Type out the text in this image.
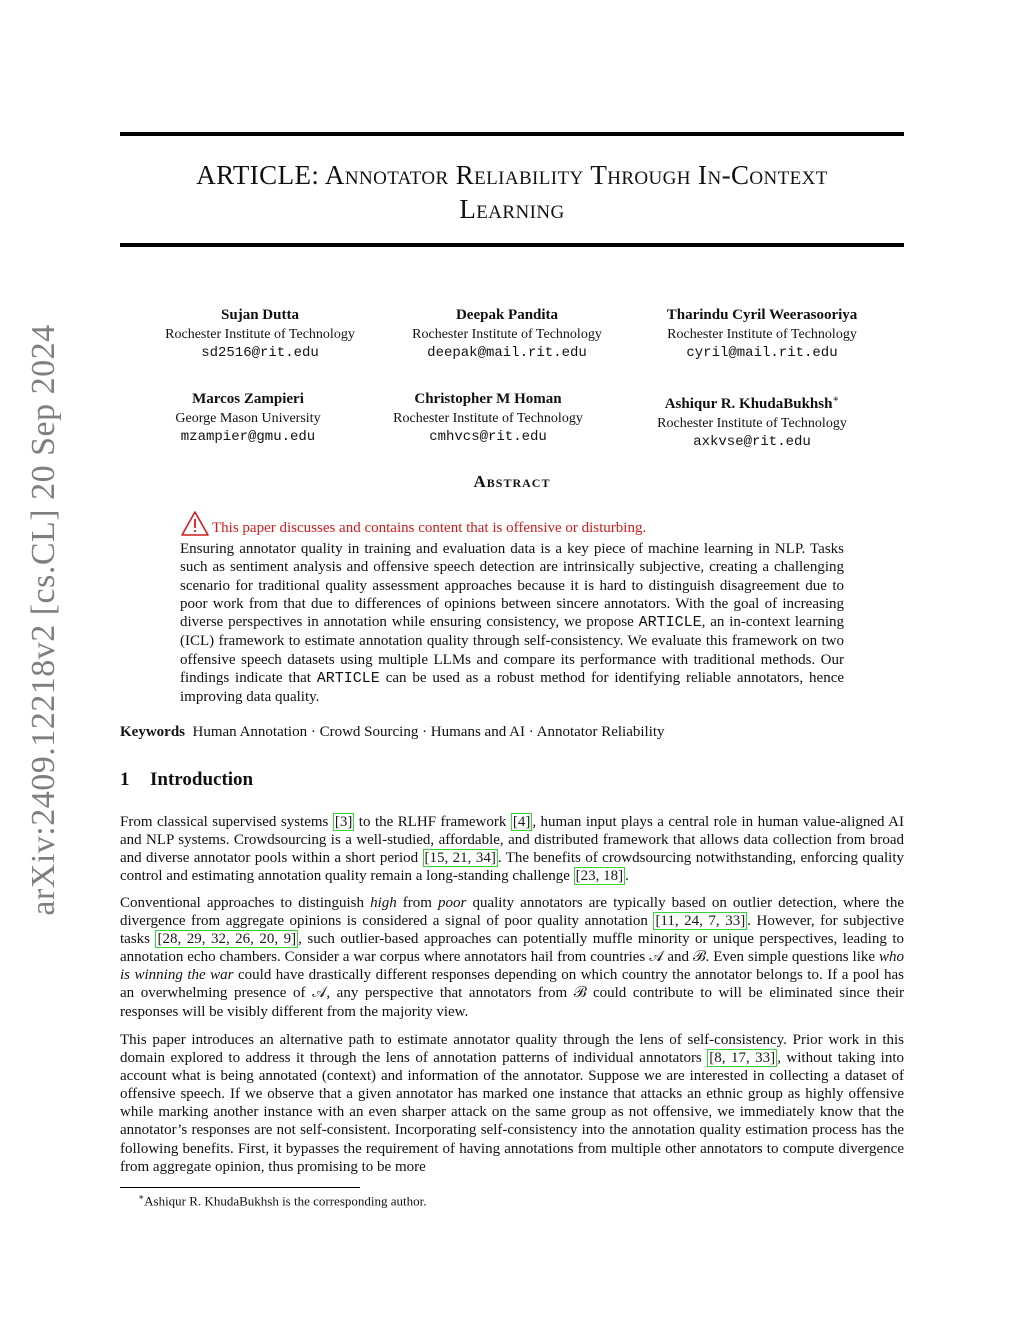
arXiv:2409.12218v2 [cs.CL] 20 Sep 2024
ARTICLE: Annotator Reliability Through In-Context
Learning
Sujan Dutta
Rochester Institute of Technology
sd2516@rit.edu
Deepak Pandita
Rochester Institute of Technology
deepak@mail.rit.edu
Tharindu Cyril Weerasooriya
Rochester Institute of Technology
cyril@mail.rit.edu
Marcos Zampieri
George Mason University
mzampier@gmu.edu
Christopher M Homan
Rochester Institute of Technology
cmhvcs@rit.edu
Ashiqur R. KhudaBukhsh∗
Rochester Institute of Technology
axkvse@rit.edu
Abstract
This paper discusses and contains content that is offensive or disturbing.
Ensuring annotator quality in training and evaluation data is a key piece of machine learning in NLP. Tasks such as sentiment analysis and offensive speech detection are intrinsically subjective, creating a challenging scenario for traditional quality assessment approaches because it is hard to distinguish disagreement due to poor work from that due to differences of opinions between sincere annotators. With the goal of increasing diverse perspectives in annotation while ensuring consistency, we propose ARTICLE, an in-context learning (ICL) framework to estimate annotation quality through self-consistency. We evaluate this framework on two offensive speech datasets using multiple LLMs and compare its performance with traditional methods. Our findings indicate that ARTICLE can be used as a robust method for identifying reliable annotators, hence improving data quality.
Keywords Human Annotation · Crowd Sourcing · Humans and AI · Annotator Reliability
1 Introduction
From classical supervised systems [3] to the RLHF framework [4] , human input plays a central role in human value-aligned AI and NLP systems. Crowdsourcing is a well-studied, affordable, and distributed framework that allows data collection from broad and diverse annotator pools within a short period [15, 21, 34] . The benefits of crowdsourcing notwithstanding, enforcing quality control and estimating annotation quality remain a long-standing challenge [23, 18] .
Conventional approaches to distinguish high from poor quality annotators are typically based on outlier detection, where the divergence from aggregate opinions is considered a signal of poor quality annotation [11, 24, 7, 33] . However, for subjective tasks [28, 29, 32, 26, 20, 9] , such outlier-based approaches can potentially muffle minority or unique perspectives, leading to annotation echo chambers. Consider a war corpus where annotators hail from countries 𝒜 and ℬ. Even simple questions like who is winning the war could have drastically different responses depending on which country the annotator belongs to. If a pool has an overwhelming presence of 𝒜, any perspective that annotators from ℬ could contribute to will be eliminated since their responses will be visibly different from the majority view.
This paper introduces an alternative path to estimate annotator quality through the lens of self-consistency. Prior work in this domain explored to address it through the lens of annotation patterns of individual annotators [8, 17, 33] , without taking into account what is being annotated (context) and information of the annotator. Suppose we are interested in collecting a dataset of offensive speech. If we observe that a given annotator has marked one instance that attacks an ethnic group as highly offensive while marking another instance with an even sharper attack on the same group as not offensive, we immediately know that the annotator’s responses are not self-consistent. Incorporating self-consistency into the annotation quality estimation process has the following benefits. First, it bypasses the requirement of having annotations from multiple other annotators to compute divergence from aggregate opinion, thus promising to be more
∗Ashiqur R. KhudaBukhsh is the corresponding author.
